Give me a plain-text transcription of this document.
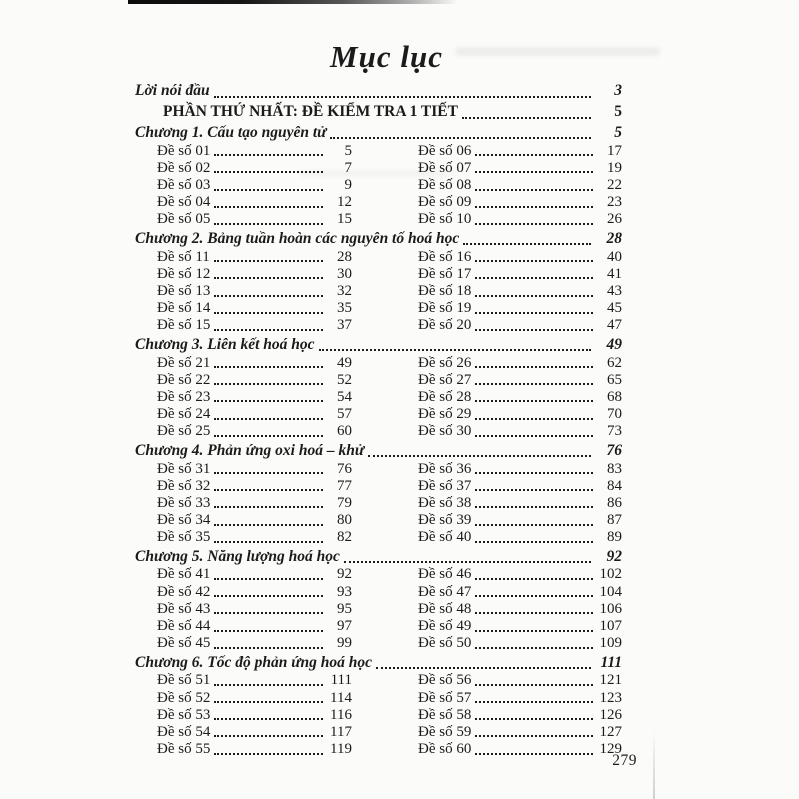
Mục lục
Lời nói đầu	3
PHẦN THỨ NHẤT: ĐỀ KIỂM TRA 1 TIẾT	5
Chương 1. Cấu tạo nguyên tử	5
Đề số 01	5
Đề số 02	7
Đề số 03	9
Đề số 04	12
Đề số 05	15
Đề số 06	17
Đề số 07	19
Đề số 08	22
Đề số 09	23
Đề số 10	26
Chương 2. Bảng tuần hoàn các nguyên tố hoá học	28
Đề số 11	28
Đề số 12	30
Đề số 13	32
Đề số 14	35
Đề số 15	37
Đề số 16	40
Đề số 17	41
Đề số 18	43
Đề số 19	45
Đề số 20	47
Chương 3. Liên kết hoá học	49
Đề số 21	49
Đề số 22	52
Đề số 23	54
Đề số 24	57
Đề số 25	60
Đề số 26	62
Đề số 27	65
Đề số 28	68
Đề số 29	70
Đề số 30	73
Chương 4. Phản ứng oxi hoá – khử	76
Đề số 31	76
Đề số 32	77
Đề số 33	79
Đề số 34	80
Đề số 35	82
Đề số 36	83
Đề số 37	84
Đề số 38	86
Đề số 39	87
Đề số 40	89
Chương 5. Năng lượng hoá học	92
Đề số 41	92
Đề số 42	93
Đề số 43	95
Đề số 44	97
Đề số 45	99
Đề số 46	102
Đề số 47	104
Đề số 48	106
Đề số 49	107
Đề số 50	109
Chương 6. Tốc độ phản ứng hoá học	111
Đề số 51	111
Đề số 52	114
Đề số 53	116
Đề số 54	117
Đề số 55	119
Đề số 56	121
Đề số 57	123
Đề số 58	126
Đề số 59	127
Đề số 60	129
279
